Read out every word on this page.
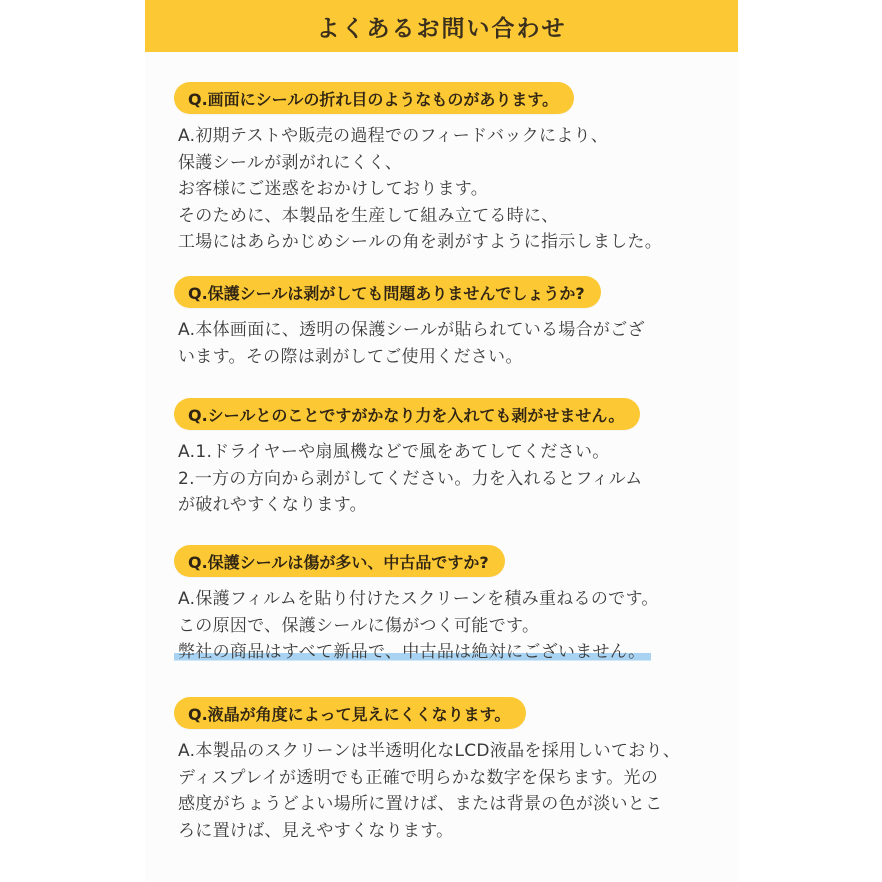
よくあるお問い合わせ
Q.画面にシールの折れ目のようなものがあります。
A.初期テストや販売の過程でのフィードバックにより、
保護シールが剥がれにくく、
お客様にご迷惑をおかけしております。
そのために、本製品を生産して組み立てる時に、
工場にはあらかじめシールの角を剥がすように指示しました。
Q.保護シールは剥がしても問題ありませんでしょうか?
A.本体画面に、透明の保護シールが貼られている場合がござ
います。その際は剥がしてご使用ください。
Q.シールとのことですがかなり力を入れても剥がせません。
A.1.ドライヤーや扇風機などで風をあてしてください。
2.一方の方向から剥がしてください。力を入れるとフィルム
が破れやすくなります。
Q.保護シールは傷が多い、中古品ですか?
A.保護フィルムを貼り付けたスクリーンを積み重ねるのです。
この原因で、保護シールに傷がつく可能です。
弊社の商品はすべて新品で、中古品は絶対にございません。
Q.液晶が角度によって見えにくくなります。
A.本製品のスクリーンは半透明化なLCD液晶を採用しいており、
ディスプレイが透明でも正確で明らかな数字を保ちます。光の
感度がちょうどよい場所に置けば、または背景の色が淡いとこ
ろに置けば、見えやすくなります。
